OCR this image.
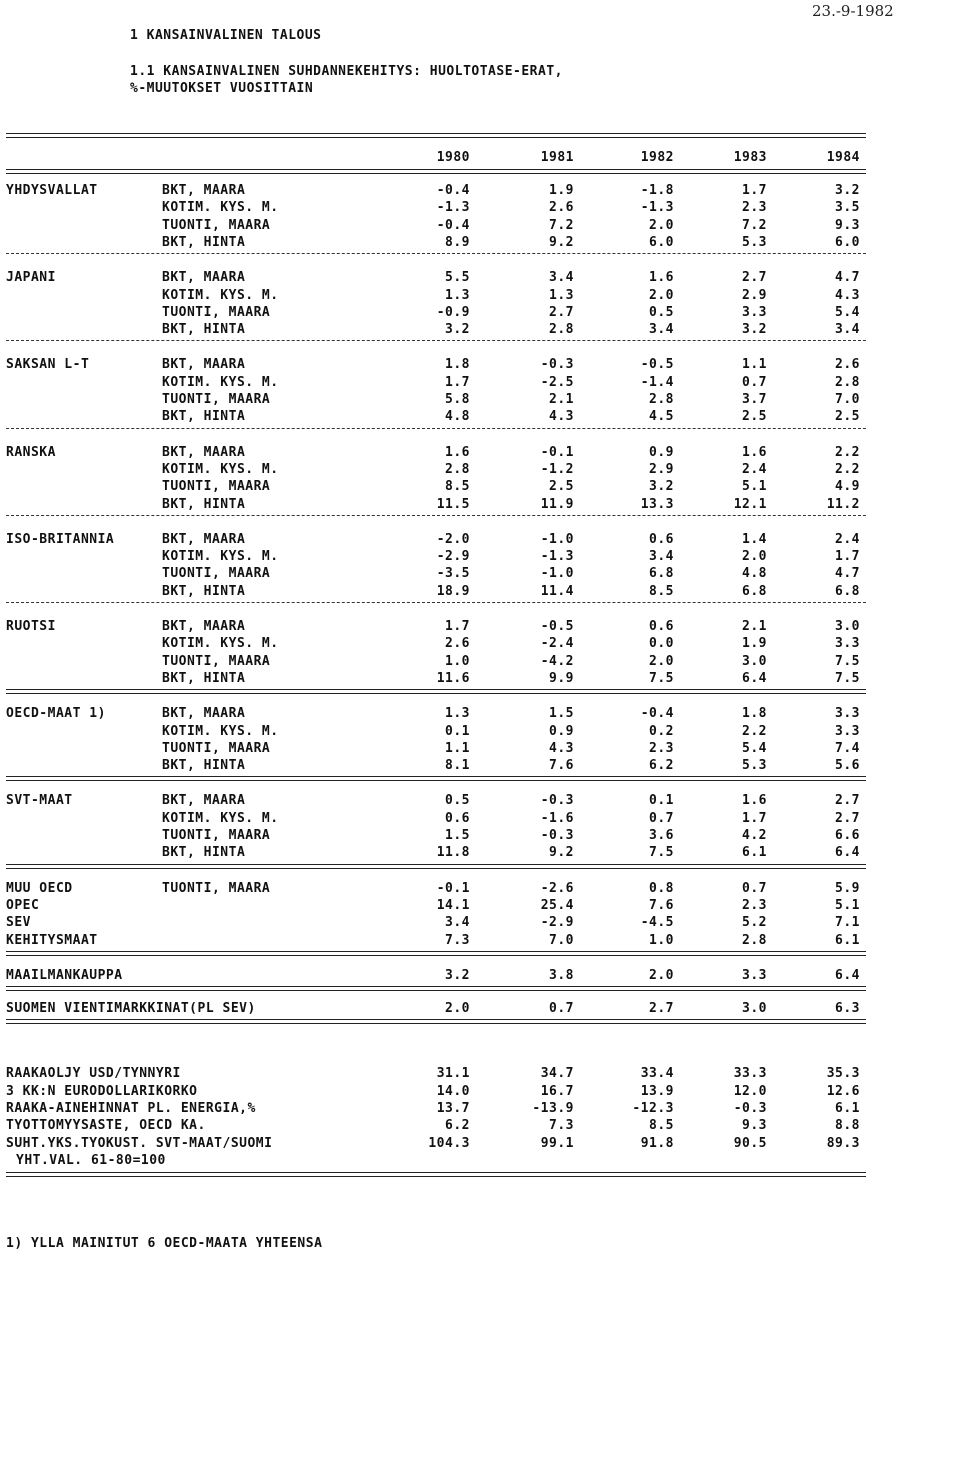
23.-9-1982
1 KANSAINVALINEN TALOUS
1.1 KANSAINVALINEN SUHDANNEKEHITYS: HUOLTOTASE-ERAT,
%-MUUTOKSET VUOSITTAIN
1980	1981	1982	1983	1984
YHDYSVALLAT	BKT, MAARA	-0.4	1.9	-1.8	1.7	3.2
KOTIM. KYS. M.	-1.3	2.6	-1.3	2.3	3.5
TUONTI, MAARA	-0.4	7.2	2.0	7.2	9.3
BKT, HINTA	8.9	9.2	6.0	5.3	6.0
JAPANI	BKT, MAARA	5.5	3.4	1.6	2.7	4.7
KOTIM. KYS. M.	1.3	1.3	2.0	2.9	4.3
TUONTI, MAARA	-0.9	2.7	0.5	3.3	5.4
BKT, HINTA	3.2	2.8	3.4	3.2	3.4
SAKSAN L-T	BKT, MAARA	1.8	-0.3	-0.5	1.1	2.6
KOTIM. KYS. M.	1.7	-2.5	-1.4	0.7	2.8
TUONTI, MAARA	5.8	2.1	2.8	3.7	7.0
BKT, HINTA	4.8	4.3	4.5	2.5	2.5
RANSKA	BKT, MAARA	1.6	-0.1	0.9	1.6	2.2
KOTIM. KYS. M.	2.8	-1.2	2.9	2.4	2.2
TUONTI, MAARA	8.5	2.5	3.2	5.1	4.9
BKT, HINTA	11.5	11.9	13.3	12.1	11.2
ISO-BRITANNIA	BKT, MAARA	-2.0	-1.0	0.6	1.4	2.4
KOTIM. KYS. M.	-2.9	-1.3	3.4	2.0	1.7
TUONTI, MAARA	-3.5	-1.0	6.8	4.8	4.7
BKT, HINTA	18.9	11.4	8.5	6.8	6.8
RUOTSI	BKT, MAARA	1.7	-0.5	0.6	2.1	3.0
KOTIM. KYS. M.	2.6	-2.4	0.0	1.9	3.3
TUONTI, MAARA	1.0	-4.2	2.0	3.0	7.5
BKT, HINTA	11.6	9.9	7.5	6.4	7.5
OECD-MAAT 1)	BKT, MAARA	1.3	1.5	-0.4	1.8	3.3
KOTIM. KYS. M.	0.1	0.9	0.2	2.2	3.3
TUONTI, MAARA	1.1	4.3	2.3	5.4	7.4
BKT, HINTA	8.1	7.6	6.2	5.3	5.6
SVT-MAAT	BKT, MAARA	0.5	-0.3	0.1	1.6	2.7
KOTIM. KYS. M.	0.6	-1.6	0.7	1.7	2.7
TUONTI, MAARA	1.5	-0.3	3.6	4.2	6.6
BKT, HINTA	11.8	9.2	7.5	6.1	6.4
MUU OECD	TUONTI, MAARA	-0.1	-2.6	0.8	0.7	5.9
OPEC	14.1	25.4	7.6	2.3	5.1
SEV	3.4	-2.9	-4.5	5.2	7.1
KEHITYSMAAT	7.3	7.0	1.0	2.8	6.1
MAAILMANKAUPPA	3.2	3.8	2.0	3.3	6.4
SUOMEN VIENTIMARKKINAT(PL SEV)	2.0	0.7	2.7	3.0	6.3
RAAKAOLJY USD/TYNNYRI	31.1	34.7	33.4	33.3	35.3
3 KK:N EURODOLLARIKORKO	14.0	16.7	13.9	12.0	12.6
RAAKA-AINEHINNAT PL. ENERGIA,%	13.7	-13.9	-12.3	-0.3	6.1
TYOTTOMYYSASTE, OECD KA.	6.2	7.3	8.5	9.3	8.8
SUHT.YKS.TYOKUST. SVT-MAAT/SUOMI	104.3	99.1	91.8	90.5	89.3
YHT.VAL. 61-80=100
1) YLLA MAINITUT 6 OECD-MAATA YHTEENSA
